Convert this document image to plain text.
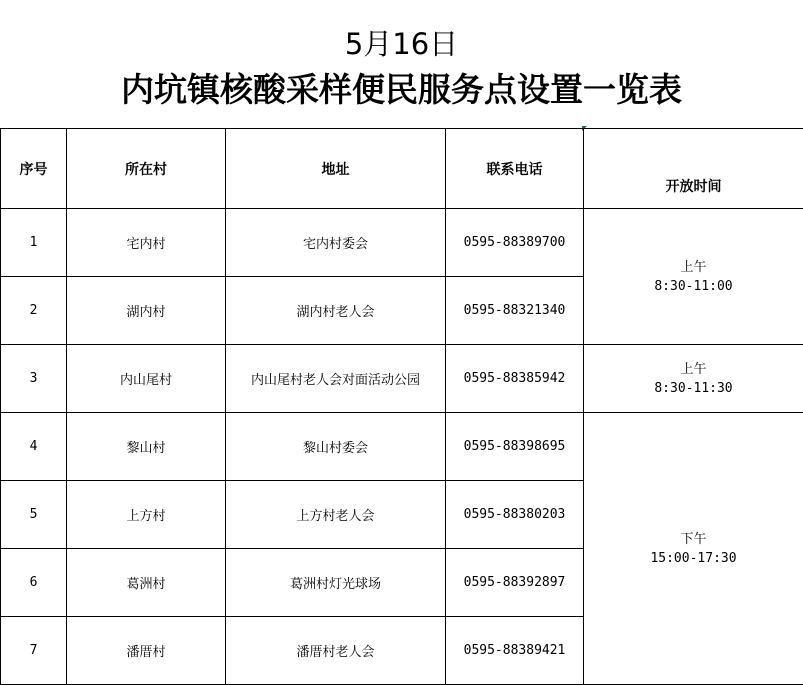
5月16日
内坑镇核酸采样便民服务点设置一览表
序号	所在村	地址	联系电话	开放时间
1	宅内村	宅内村委会	0595-88389700	上午
8:30-11:00

2	湖内村	湖内村老人会	0595-88321340	
3	内山尾村	内山尾村老人会对面活动公园	0595-88385942	上午
8:30-11:30

4	黎山村	黎山村委会	0595-88398695	下午
15:00-17:30

5	上方村	上方村老人会	0595-88380203	
6	葛洲村	葛洲村灯光球场	0595-88392897	
7	潘厝村	潘厝村老人会	0595-88389421	
